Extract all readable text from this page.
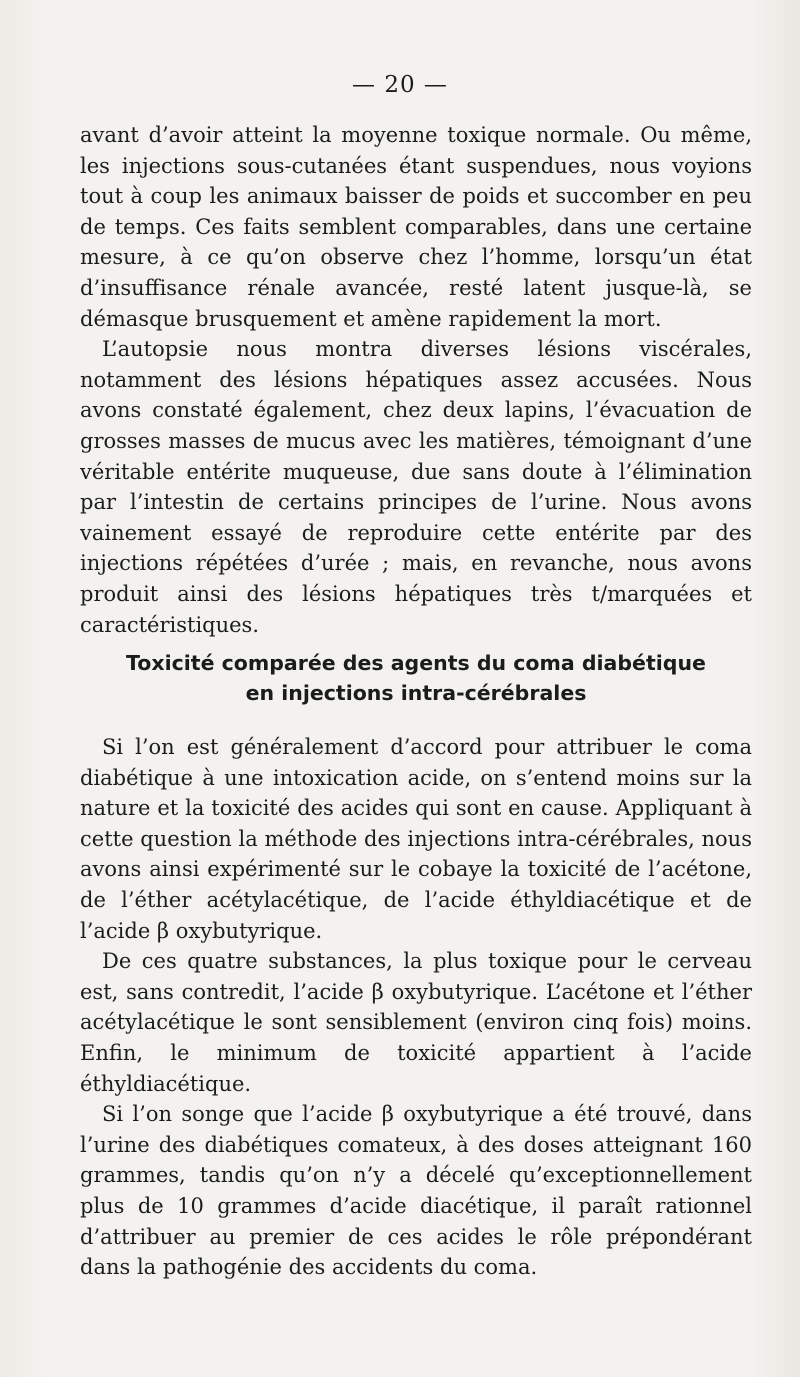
— 20 —

avant d’avoir atteint la moyenne toxique normale. Ou même, les injections sous-cutanées étant suspendues, nous voyions tout à coup les animaux baisser de poids et succomber en peu de temps. Ces faits semblent comparables, dans une certaine mesure, à ce qu’on observe chez l’homme, lorsqu’un état d’insuffisance rénale avancée, resté latent jusque-là, se démasque brusquement et amène rapidement la mort.

L’autopsie nous montra diverses lésions viscérales, notamment des lésions hépatiques assez accusées. Nous avons constaté également, chez deux lapins, l’évacuation de grosses masses de mucus avec les matières, témoignant d’une véritable entérite muqueuse, due sans doute à l’élimination par l’intestin de certains principes de l’urine. Nous avons vainement essayé de reproduire cette entérite par des injections répétées d’urée ; mais, en revanche, nous avons produit ainsi des lésions hépatiques très t/marquées et caractéristiques.

Toxicité comparée des agents du coma diabétique
en injections intra-cérébrales

Si l’on est généralement d’accord pour attribuer le coma diabétique à une intoxication acide, on s’entend moins sur la nature et la toxicité des acides qui sont en cause. Appliquant à cette question la méthode des injections intra-cérébrales, nous avons ainsi expérimenté sur le cobaye la toxicité de l’acétone, de l’éther acétylacétique, de l’acide éthyldiacétique et de l’acide β oxybutyrique.

De ces quatre substances, la plus toxique pour le cerveau est, sans contredit, l’acide β oxybutyrique. L’acétone et l’éther acétylacétique le sont sensiblement (environ cinq fois) moins. Enfin, le minimum de toxicité appartient à l’acide éthyldiacétique.

Si l’on songe que l’acide β oxybutyrique a été trouvé, dans l’urine des diabétiques comateux, à des doses atteignant 160 grammes, tandis qu’on n’y a décelé qu’exceptionnellement plus de 10 grammes d’acide diacétique, il paraît rationnel d’attribuer au premier de ces acides le rôle prépondérant dans la pathogénie des accidents du coma.
